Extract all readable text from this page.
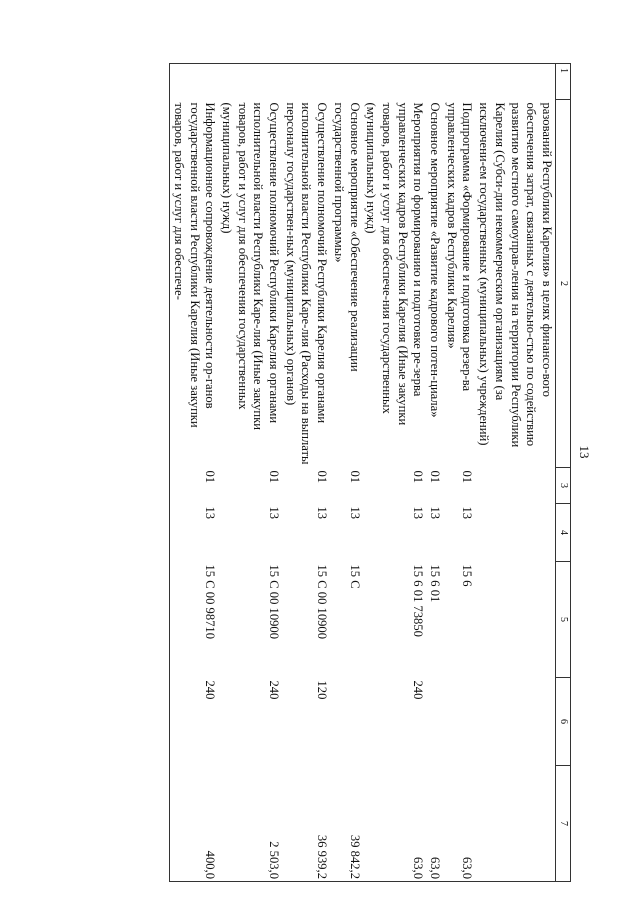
13
1	2	3	4	5	6	7
	разований Республики Карелия» в целях финансо-вого обеспечения затрат, связанных с деятельно-стью по содействию развитию местного самоуправ-ления на территории Республики Карелия (Субси-дии некоммерческим организациям (за исключени-ем государственных (муниципальных) учреждений)					
	Подпрограмма «Формирование и подготовка резер-ва управленческих кадров Республики Карелия»	01	13	15 6		63,0
	Основное мероприятие «Развитие кадрового потен-циала»	01	13	15 6 01		63,0
	Мероприятия по формированию и подготовке ре-зерва управленческих кадров Республики Карелия (Иные закупки товаров, работ и услуг для обеспече-ния государственных (муниципальных) нужд)	01	13	15 6 01 73850	240	63,0
	Основное мероприятие «Обеспечение реализации государственной программы»	01	13	15 С		39 842,2
	Осуществление полномочий Республики Карелия органами исполнительной власти Республики Каре-лия (Расходы на выплаты персоналу государствен-ных (муниципальных) органов)	01	13	15 С 00 10900	120	36 939,2
	Осуществление полномочий Республики Карелия органами исполнительной власти Республики Каре-лия (Иные закупки товаров, работ и услуг для обеспечения государственных (муниципальных) нужд)	01	13	15 С 00 10900	240	2 503,0
	Информационное сопровождение деятельности ор-ганов государственной власти Республики Карелия (Иные закупки товаров, работ и услуг для обеспече-	01	13	15 С 00 98710	240	400,0
